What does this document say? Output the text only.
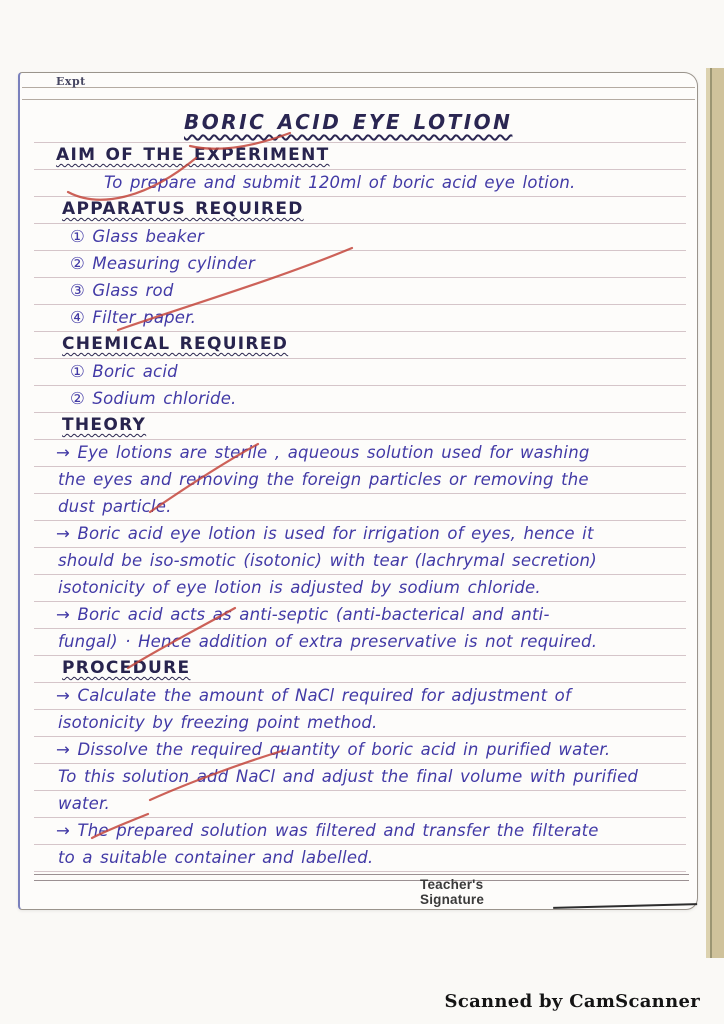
Expt
BORIC ACID EYE LOTION
AIM OF THE EXPERIMENT
To prepare and submit 120ml of boric acid eye lotion.
APPARATUS REQUIRED
① Glass beaker
② Measuring cylinder
③ Glass rod
④ Filter paper.
CHEMICAL REQUIRED
① Boric acid
② Sodium chloride.
THEORY
→ Eye lotions are sterile , aqueous solution used for washing
the eyes and removing the foreign particles or removing the
dust particle.
→ Boric acid eye lotion is used for irrigation of eyes, hence it
should be iso-smotic (isotonic) with tear (lachrymal secretion)
isotonicity of eye lotion is adjusted by sodium chloride.
→ Boric acid acts as anti-septic (anti-bacterical and anti-
fungal) · Hence addition of extra preservative is not required.
PROCEDURE
→ Calculate the amount of NaCl required for adjustment of
isotonicity by freezing point method.
→ Dissolve the required quantity of boric acid in purified water.
To this solution add NaCl and adjust the final volume with purified
water.
→ The prepared solution was filtered and transfer the filterate
to a suitable container and labelled.
Teacher's Signature
Scanned by CamScanner
